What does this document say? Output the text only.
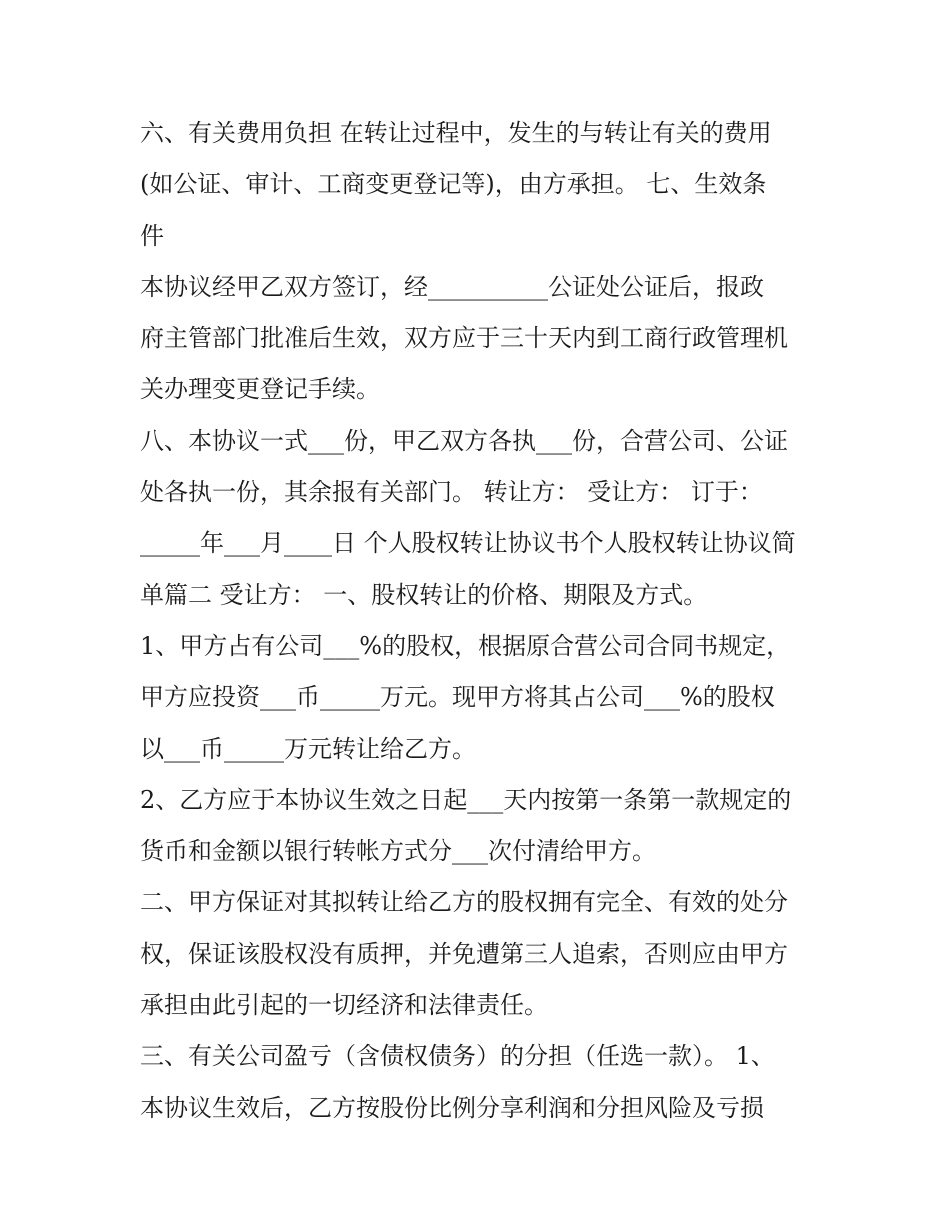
六、有关费用负担 在转让过程中，发生的与转让有关的费用
(如公证、审计、工商变更登记等)，由方承担。 七、生效条
件
本协议经甲乙双方签订，经__________公证处公证后，报政
府主管部门批准后生效，双方应于三十天内到工商行政管理机
关办理变更登记手续。
八、本协议一式___份，甲乙双方各执___份，合营公司、公证
处各执一份，其余报有关部门。 转让方： 受让方： 订于：
_____年___月____日 个人股权转让协议书个人股权转让协议简
单篇二 受让方： 一、股权转让的价格、期限及方式。
1、甲方占有公司___%的股权，根据原合营公司合同书规定，
甲方应投资___币_____万元。现甲方将其占公司___%的股权
以___币_____万元转让给乙方。
2、乙方应于本协议生效之日起___天内按第一条第一款规定的
货币和金额以银行转帐方式分___次付清给甲方。
二、甲方保证对其拟转让给乙方的股权拥有完全、有效的处分
权，保证该股权没有质押，并免遭第三人追索，否则应由甲方
承担由此引起的一切经济和法律责任。
三、有关公司盈亏（含债权债务）的分担（任选一款）。 1、
本协议生效后，乙方按股份比例分享利润和分担风险及亏损
